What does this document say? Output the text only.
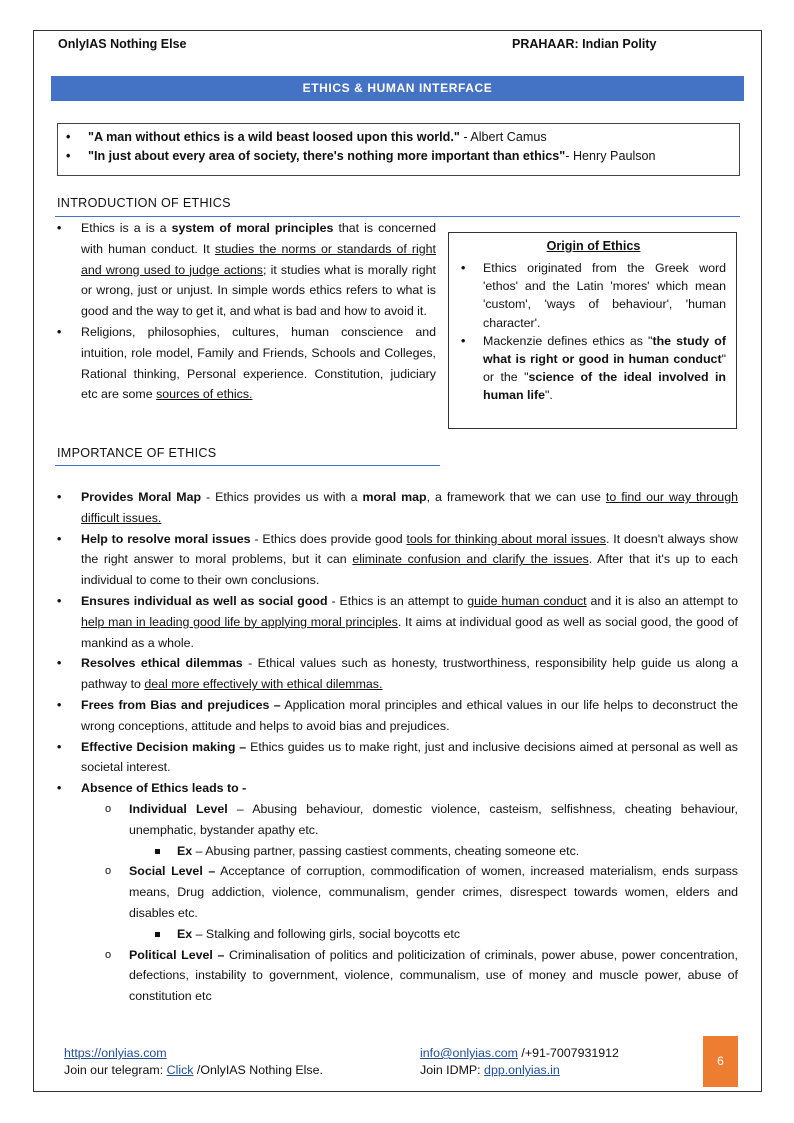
OnlyIAS Nothing Else	PRAHAAR: Indian Polity
ETHICS & HUMAN INTERFACE
• "A man without ethics is a wild beast loosed upon this world." - Albert Camus
• "In just about every area of society, there's nothing more important than ethics"- Henry Paulson
INTRODUCTION OF ETHICS
• Ethics is a is a system of moral principles that is concerned with human conduct. It studies the norms or standards of right and wrong used to judge actions; it studies what is morally right or wrong, just or unjust. In simple words ethics refers to what is good and the way to get it, and what is bad and how to avoid it.
• Religions, philosophies, cultures, human conscience and intuition, role model, Family and Friends, Schools and Colleges, Rational thinking, Personal experience. Constitution, judiciary etc are some sources of ethics.
Origin of Ethics
• Ethics originated from the Greek word 'ethos' and the Latin 'mores' which mean 'custom', 'ways of behaviour', 'human character'.
• Mackenzie defines ethics as "the study of what is right or good in human conduct" or the "science of the ideal involved in human life".
IMPORTANCE OF ETHICS
• Provides Moral Map - Ethics provides us with a moral map, a framework that we can use to find our way through difficult issues.
• Help to resolve moral issues - Ethics does provide good tools for thinking about moral issues. It doesn't always show the right answer to moral problems, but it can eliminate confusion and clarify the issues. After that it's up to each individual to come to their own conclusions.
• Ensures individual as well as social good - Ethics is an attempt to guide human conduct and it is also an attempt to help man in leading good life by applying moral principles. It aims at individual good as well as social good, the good of mankind as a whole.
• Resolves ethical dilemmas - Ethical values such as honesty, trustworthiness, responsibility help guide us along a pathway to deal more effectively with ethical dilemmas.
• Frees from Bias and prejudices – Application moral principles and ethical values in our life helps to deconstruct the wrong conceptions, attitude and helps to avoid bias and prejudices.
• Effective Decision making – Ethics guides us to make right, just and inclusive decisions aimed at personal as well as societal interest.
• Absence of Ethics leads to -
o Individual Level – Abusing behaviour, domestic violence, casteism, selfishness, cheating behaviour, unemphatic, bystander apathy etc.
Ex – Abusing partner, passing castiest comments, cheating someone etc.
o Social Level – Acceptance of corruption, commodification of women, increased materialism, ends surpass means, Drug addiction, violence, communalism, gender crimes, disrespect towards women, elders and disables etc.
Ex – Stalking and following girls, social boycotts etc
o Political Level – Criminalisation of politics and politicization of criminals, power abuse, power concentration, defections, instability to government, violence, communalism, use of money and muscle power, abuse of constitution etc
https://onlyias.com
Join our telegram: Click /OnlyIAS Nothing Else.
info@onlyias.com /+91-7007931912
Join IDMP: dpp.onlyias.in
6
